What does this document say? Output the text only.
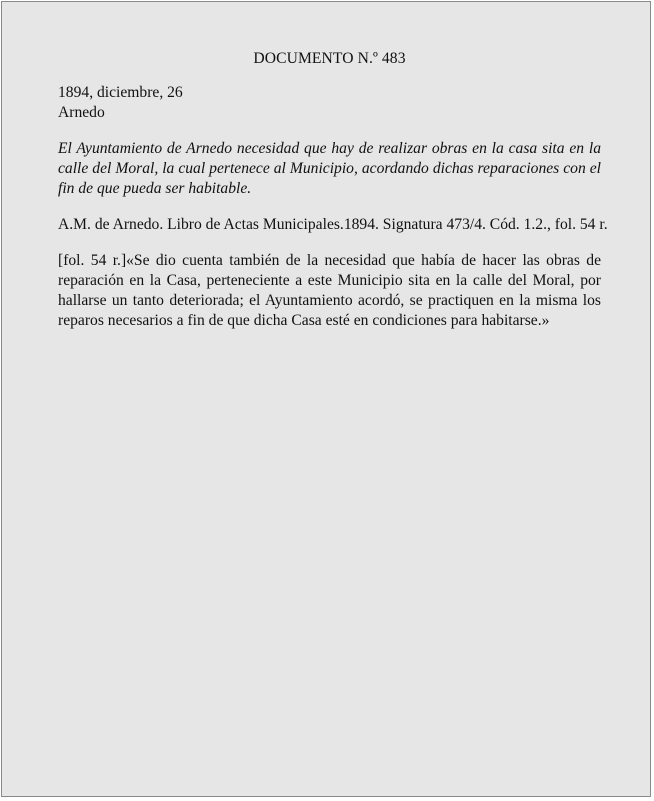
DOCUMENTO N.º 483
1894, diciembre, 26
Arnedo

El Ayuntamiento de Arnedo necesidad que hay de realizar obras en la casa sita en la calle del Moral, la cual pertenece al Municipio, acordando dichas reparaciones con el fin de que pueda ser habitable.

A.M. de Arnedo. Libro de Actas Municipales.1894. Signatura 473/4. Cód. 1.2., fol. 54 r.

[fol. 54 r.]«Se dio cuenta también de la necesidad que había de hacer las obras de reparación en la Casa, perteneciente a este Municipio sita en la calle del Moral, por hallarse un tanto deteriorada; el Ayuntamiento acordó, se practiquen en la misma los reparos necesarios a fin de que dicha Casa esté en condiciones para habitarse.»
